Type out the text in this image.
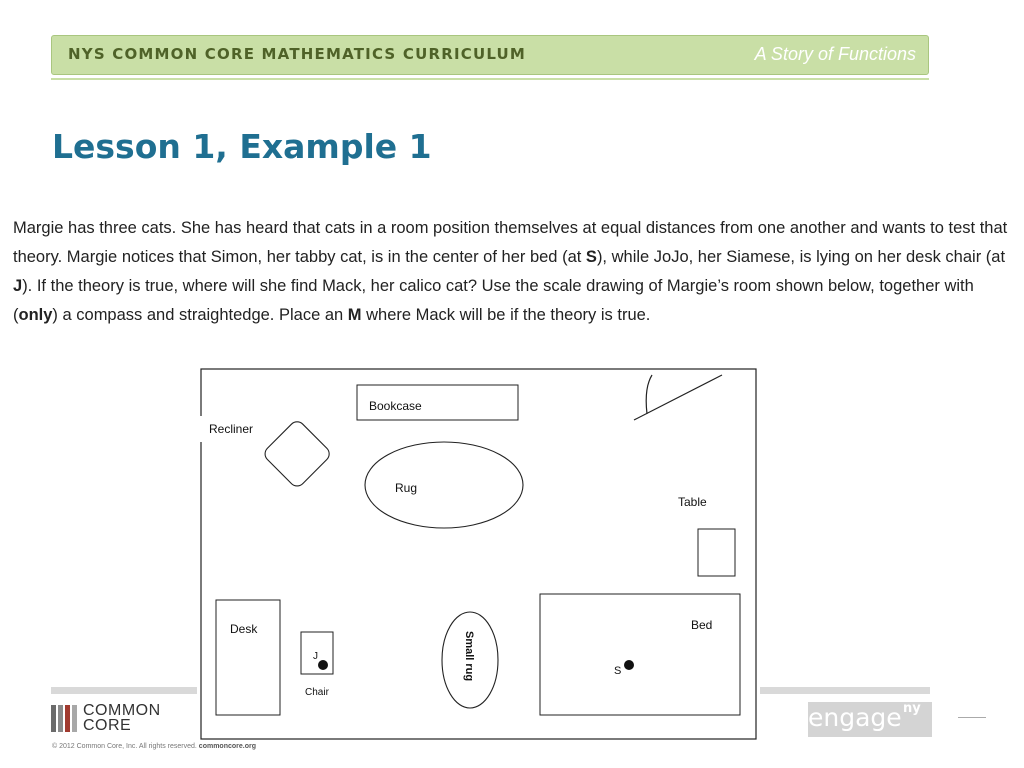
NYS COMMON CORE MATHEMATICS CURRICULUM	A Story of Functions
Lesson 1, Example 1

Margie has three cats. She has heard that cats in a room position themselves at equal distances from one another and wants to test that theory. Margie notices that Simon, her tabby cat, is in the center of her bed (at S), while JoJo, her Siamese, is lying on her desk chair (at J). If the theory is true, where will she find Mack, her calico cat? Use the scale drawing of Margie’s room shown below, together with (only) a compass and straightedge. Place an M where Mack will be if the theory is true.

Bookcase
Recliner
Rug
Table
Desk
J
Chair
Small rug
Bed
S
COMMON
CORE
© 2012 Common Core, Inc. All rights reserved. commoncore.org
engage ny
